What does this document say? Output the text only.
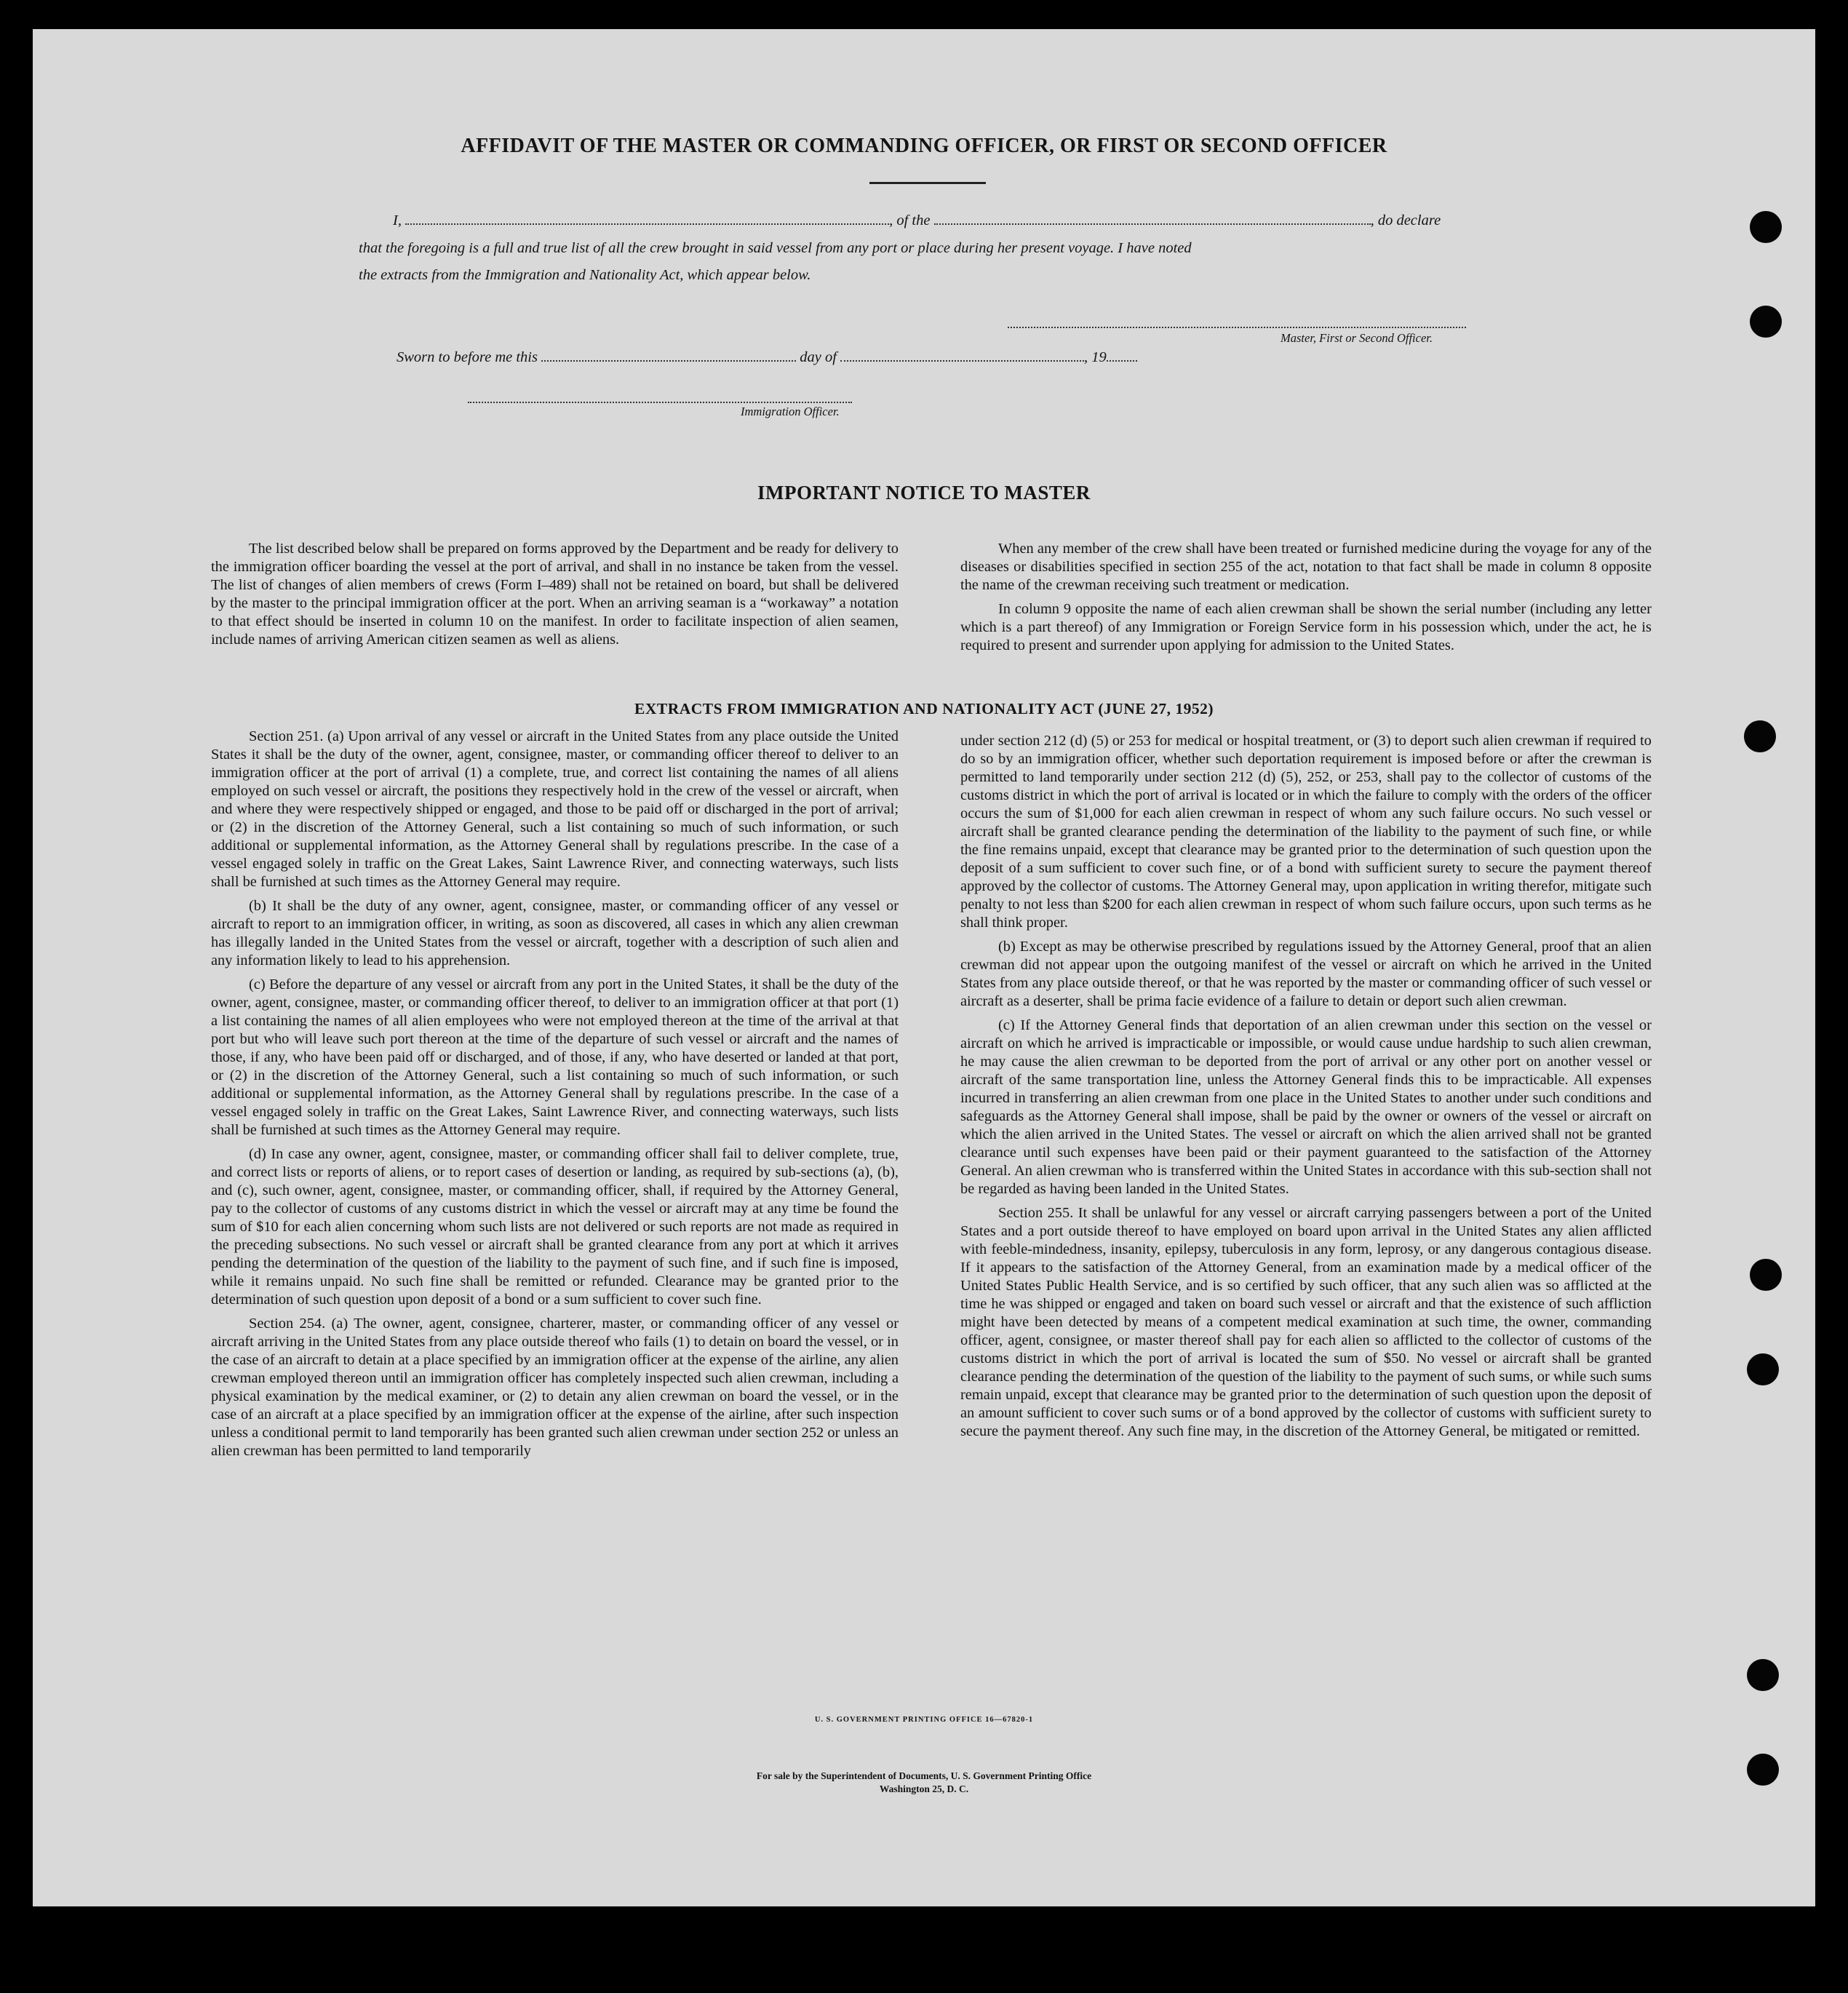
AFFIDAVIT OF THE MASTER OR COMMANDING OFFICER, OR FIRST OR SECOND OFFICER
I,	, of the	, do declare
that the foregoing is a full and true list of all the crew brought in said vessel from any port or place during her present voyage. I have noted
the extracts from the Immigration and Nationality Act, which appear below.
Master, First or Second Officer.
Sworn to before me this	day of	, 19
Immigration Officer.
IMPORTANT NOTICE TO MASTER

The list described below shall be prepared on forms approved by the Department and be ready for delivery to the immigration officer boarding the vessel at the port of arrival, and shall in no instance be taken from the vessel. The list of changes of alien members of crews (Form I–489) shall not be retained on board, but shall be delivered by the master to the principal immigration officer at the port. When an arriving seaman is a “workaway” a notation to that effect should be inserted in column 10 on the manifest. In order to facilitate inspection of alien seamen, include names of arriving American citizen seamen as well as aliens.

When any member of the crew shall have been treated or furnished medicine during the voyage for any of the diseases or disabilities specified in section 255 of the act, notation to that fact shall be made in column 8 opposite the name of the crewman receiving such treatment or medication.

In column 9 opposite the name of each alien crewman shall be shown the serial number (including any letter which is a part thereof) of any Immigration or Foreign Service form in his possession which, under the act, he is required to present and surrender upon applying for admission to the United States.

EXTRACTS FROM IMMIGRATION AND NATIONALITY ACT (JUNE 27, 1952)

Section 251. (a) Upon arrival of any vessel or aircraft in the United States from any place outside the United States it shall be the duty of the owner, agent, consignee, master, or commanding officer thereof to deliver to an immigration officer at the port of arrival (1) a complete, true, and correct list containing the names of all aliens employed on such vessel or aircraft, the positions they respectively hold in the crew of the vessel or aircraft, when and where they were respectively shipped or engaged, and those to be paid off or discharged in the port of arrival; or (2) in the discretion of the Attorney General, such a list containing so much of such information, or such additional or supplemental information, as the Attorney General shall by regulations prescribe. In the case of a vessel engaged solely in traffic on the Great Lakes, Saint Lawrence River, and connecting waterways, such lists shall be furnished at such times as the Attorney General may require.

(b) It shall be the duty of any owner, agent, consignee, master, or commanding officer of any vessel or aircraft to report to an immigration officer, in writing, as soon as discovered, all cases in which any alien crewman has illegally landed in the United States from the vessel or aircraft, together with a description of such alien and any information likely to lead to his apprehension.

(c) Before the departure of any vessel or aircraft from any port in the United States, it shall be the duty of the owner, agent, consignee, master, or commanding officer thereof, to deliver to an immigration officer at that port (1) a list containing the names of all alien employees who were not employed thereon at the time of the arrival at that port but who will leave such port thereon at the time of the departure of such vessel or aircraft and the names of those, if any, who have been paid off or discharged, and of those, if any, who have deserted or landed at that port, or (2) in the discretion of the Attorney General, such a list containing so much of such information, or such additional or supplemental information, as the Attorney General shall by regulations prescribe. In the case of a vessel engaged solely in traffic on the Great Lakes, Saint Lawrence River, and connecting waterways, such lists shall be furnished at such times as the Attorney General may require.

(d) In case any owner, agent, consignee, master, or commanding officer shall fail to deliver complete, true, and correct lists or reports of aliens, or to report cases of desertion or landing, as required by sub-sections (a), (b), and (c), such owner, agent, consignee, master, or commanding officer, shall, if required by the Attorney General, pay to the collector of customs of any customs district in which the vessel or aircraft may at any time be found the sum of $10 for each alien concerning whom such lists are not delivered or such reports are not made as required in the preceding subsections. No such vessel or aircraft shall be granted clearance from any port at which it arrives pending the determination of the question of the liability to the payment of such fine, and if such fine is imposed, while it remains unpaid. No such fine shall be remitted or refunded. Clearance may be granted prior to the determination of such question upon deposit of a bond or a sum sufficient to cover such fine.

Section 254. (a) The owner, agent, consignee, charterer, master, or commanding officer of any vessel or aircraft arriving in the United States from any place outside thereof who fails (1) to detain on board the vessel, or in the case of an aircraft to detain at a place specified by an immigration officer at the expense of the airline, any alien crewman employed thereon until an immigration officer has completely inspected such alien crewman, including a physical examination by the medical examiner, or (2) to detain any alien crewman on board the vessel, or in the case of an aircraft at a place specified by an immigration officer at the expense of the airline, after such inspection unless a conditional permit to land temporarily has been granted such alien crewman under section 252 or unless an alien crewman has been permitted to land temporarily

under section 212 (d) (5) or 253 for medical or hospital treatment, or (3) to deport such alien crewman if required to do so by an immigration officer, whether such deportation requirement is imposed before or after the crewman is permitted to land temporarily under section 212 (d) (5), 252, or 253, shall pay to the collector of customs of the customs district in which the port of arrival is located or in which the failure to comply with the orders of the officer occurs the sum of $1,000 for each alien crewman in respect of whom any such failure occurs. No such vessel or aircraft shall be granted clearance pending the determination of the liability to the payment of such fine, or while the fine remains unpaid, except that clearance may be granted prior to the determination of such question upon the deposit of a sum sufficient to cover such fine, or of a bond with sufficient surety to secure the payment thereof approved by the collector of customs. The Attorney General may, upon application in writing therefor, mitigate such penalty to not less than $200 for each alien crewman in respect of whom such failure occurs, upon such terms as he shall think proper.

(b) Except as may be otherwise prescribed by regulations issued by the Attorney General, proof that an alien crewman did not appear upon the outgoing manifest of the vessel or aircraft on which he arrived in the United States from any place outside thereof, or that he was reported by the master or commanding officer of such vessel or aircraft as a deserter, shall be prima facie evidence of a failure to detain or deport such alien crewman.

(c) If the Attorney General finds that deportation of an alien crewman under this section on the vessel or aircraft on which he arrived is impracticable or impossible, or would cause undue hardship to such alien crewman, he may cause the alien crewman to be deported from the port of arrival or any other port on another vessel or aircraft of the same transportation line, unless the Attorney General finds this to be impracticable. All expenses incurred in transferring an alien crewman from one place in the United States to another under such conditions and safeguards as the Attorney General shall impose, shall be paid by the owner or owners of the vessel or aircraft on which the alien arrived in the United States. The vessel or aircraft on which the alien arrived shall not be granted clearance until such expenses have been paid or their payment guaranteed to the satisfaction of the Attorney General. An alien crewman who is transferred within the United States in accordance with this sub-section shall not be regarded as having been landed in the United States.

Section 255. It shall be unlawful for any vessel or aircraft carrying passengers between a port of the United States and a port outside thereof to have employed on board upon arrival in the United States any alien afflicted with feeble-mindedness, insanity, epilepsy, tuberculosis in any form, leprosy, or any dangerous contagious disease. If it appears to the satisfaction of the Attorney General, from an examination made by a medical officer of the United States Public Health Service, and is so certified by such officer, that any such alien was so afflicted at the time he was shipped or engaged and taken on board such vessel or aircraft and that the existence of such affliction might have been detected by means of a competent medical examination at such time, the owner, commanding officer, agent, consignee, or master thereof shall pay for each alien so afflicted to the collector of customs of the customs district in which the port of arrival is located the sum of $50. No vessel or aircraft shall be granted clearance pending the determination of the question of the liability to the payment of such sums, or while such sums remain unpaid, except that clearance may be granted prior to the determination of such question upon the deposit of an amount sufficient to cover such sums or of a bond approved by the collector of customs with sufficient surety to secure the payment thereof. Any such fine may, in the discretion of the Attorney General, be mitigated or remitted.

U. S. GOVERNMENT PRINTING OFFICE 16—67820-1
For sale by the Superintendent of Documents, U. S. Government Printing Office
Washington 25, D. C.
